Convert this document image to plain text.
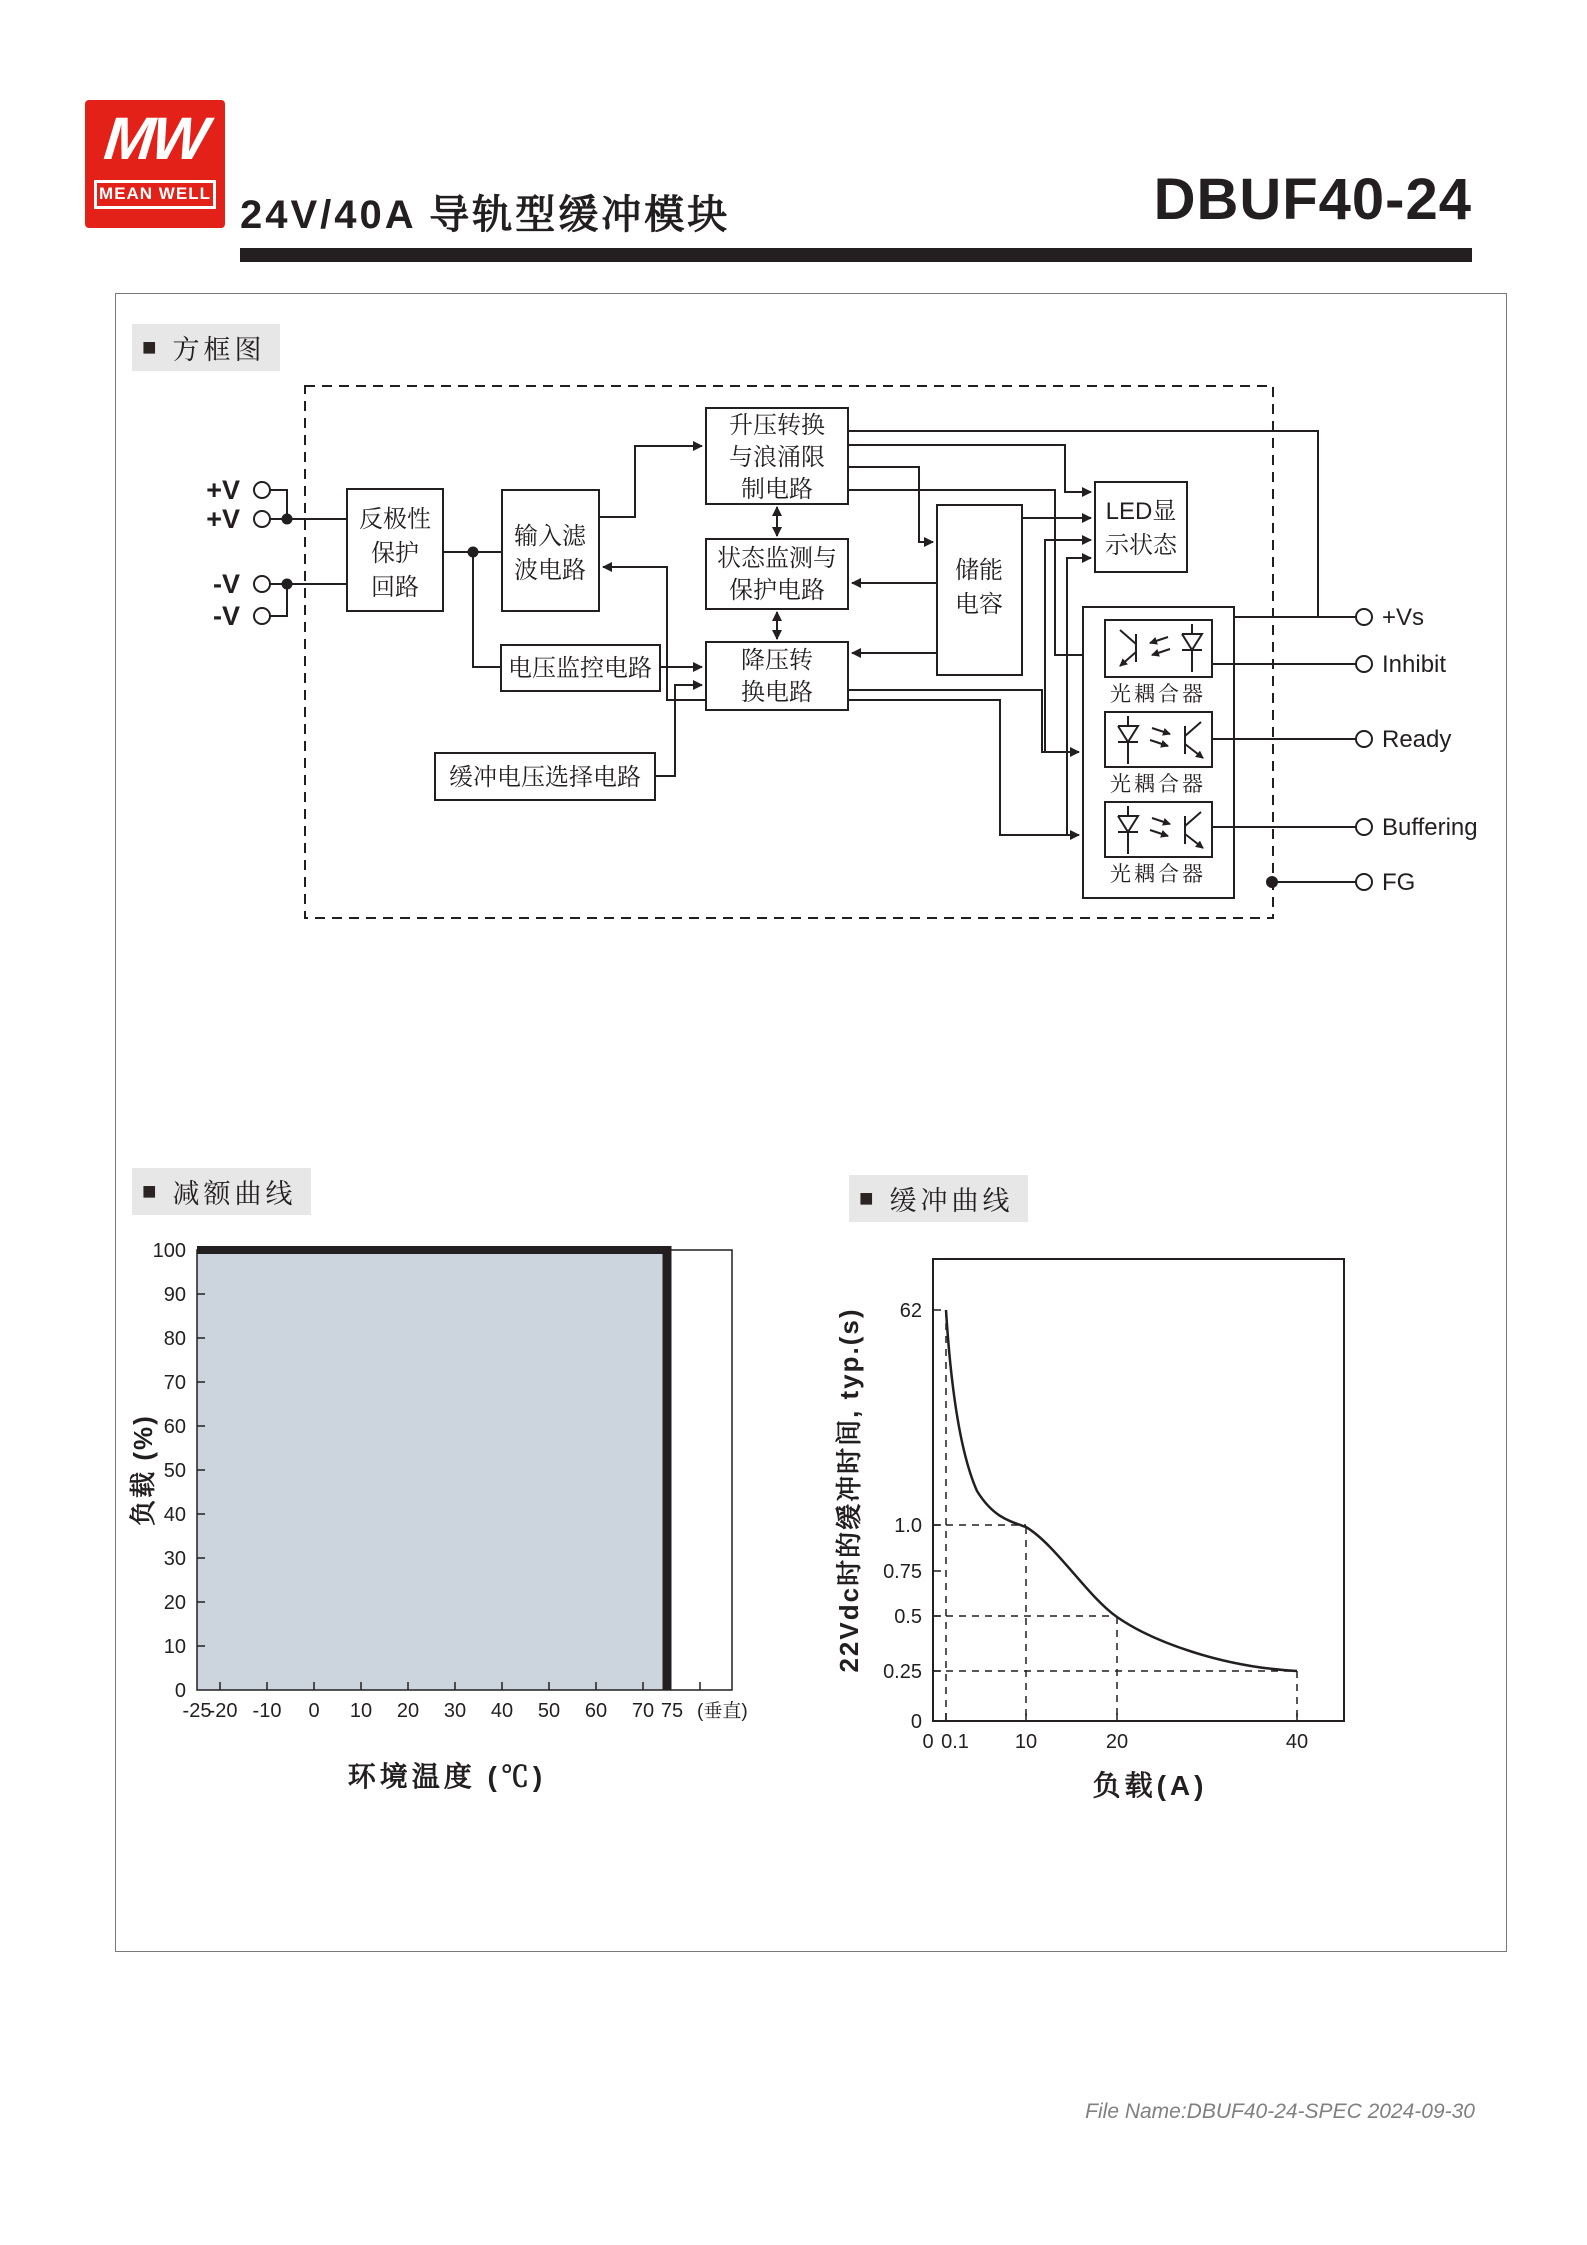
MW
MEAN WELL 24V/40A 导轨型缓冲模块	DBUF40-24
■ 方框图
■ 减额曲线	■ 缓冲曲线
反极性
保护
回路
输入滤
波电路
电压监控电路
缓冲电压选择电路
升压转换
与浪涌限
制电路
状态监测与
保护电路
降压转
换电路
储能
电容
LED显
示状态
光耦合器
光耦合器
光耦合器
+V
+V
-V
-V	+Vs
Inhibit
Ready
Buffering
FG
100
90
80
70
60
50
40
30
20
10
0
-25
-20 -10 0 10 20 30 40 50 60 70 75 (垂直)
环境温度 (℃)
负载 (%)
62
1.0
0.75
0.5
0.25
0
0 0.1 10	20	40
负载(A)
22Vdc时的缓冲时间, typ.(s)
File Name:DBUF40-24-SPEC 2024-09-30
